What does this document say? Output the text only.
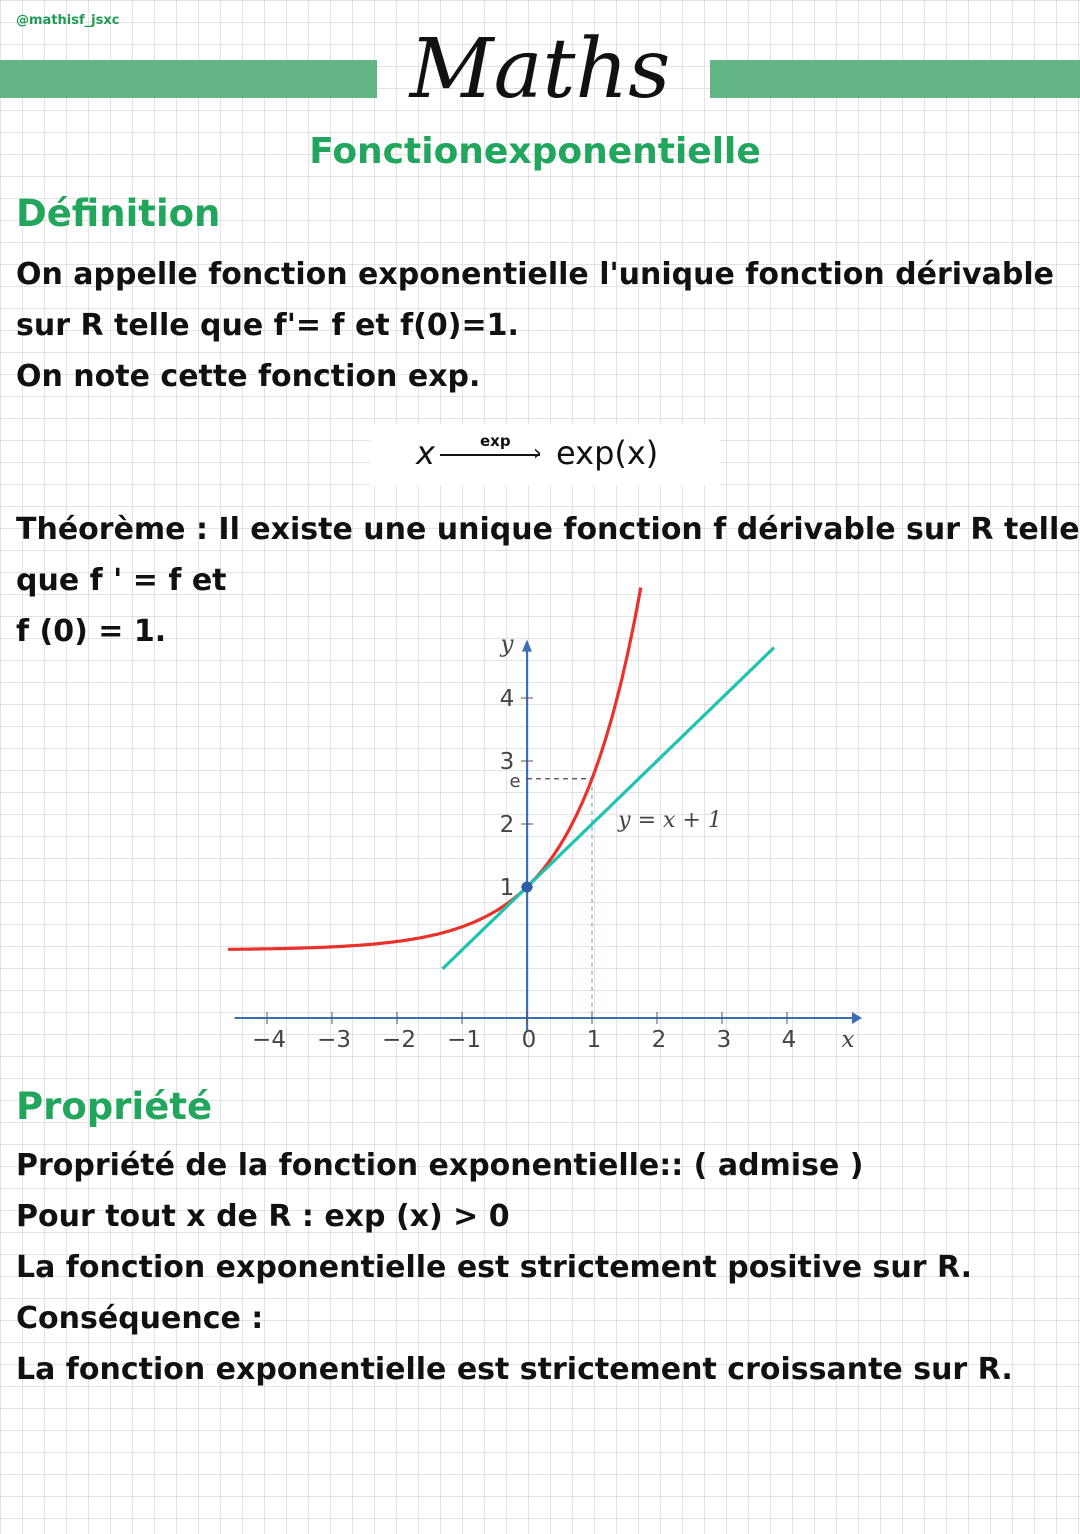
@mathisf_jsxc
Maths
Fonctionexponentielle
Définition
On appelle fonction exponentielle l'unique fonction dérivable
sur R telle que f'= f et f(0)=1.
On note cette fonction exp.
x	exp › exp(x)
Théorème : Il existe une unique fonction f dérivable sur R telle
que f ' = f et
f (0) = 1.
−4 −3 −2 −1 0 1 2 3 4
1
2
3
4
x
y
e
y = x + 1
Propriété
Propriété de la fonction exponentielle:: ( admise )
Pour tout x de R : exp (x) > 0
La fonction exponentielle est strictement positive sur R.
Conséquence :
La fonction exponentielle est strictement croissante sur R.
